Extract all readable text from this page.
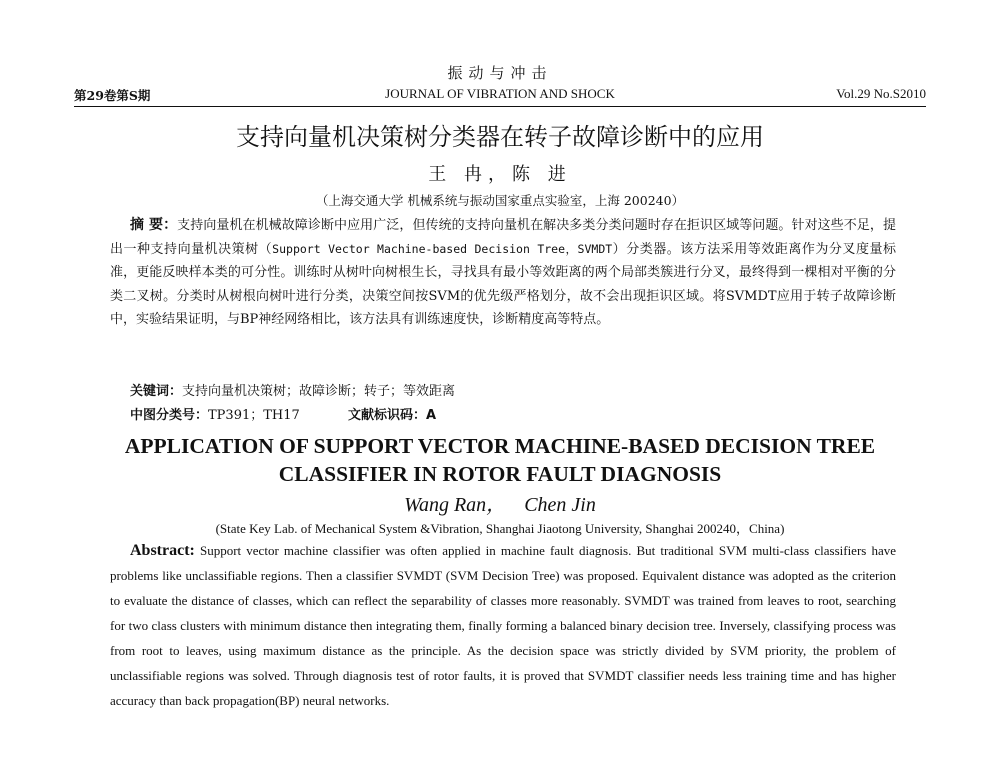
振动与冲击
第29卷第S期	JOURNAL OF VIBRATION AND SHOCK	Vol.29 No.S2010
支持向量机决策树分类器在转子故障诊断中的应用
王 冉，陈 进
（上海交通大学 机械系统与振动国家重点实验室，上海 200240）
摘 要：支持向量机在机械故障诊断中应用广泛，但传统的支持向量机在解决多类分类问题时存在拒识区域等问题。针对这些不足，提出一种支持向量机决策树（Support Vector Machine-based Decision Tree，SVMDT）分类器。该方法采用等效距离作为分叉度量标准，更能反映样本类的可分性。训练时从树叶向树根生长，寻找具有最小等效距离的两个局部类簇进行分叉，最终得到一棵相对平衡的分类二叉树。分类时从树根向树叶进行分类，决策空间按SVM的优先级严格划分，故不会出现拒识区域。将SVMDT应用于转子故障诊断中，实验结果证明，与BP神经网络相比，该方法具有训练速度快，诊断精度高等特点。
关键词：支持向量机决策树；故障诊断；转子；等效距离
中图分类号：TP391；TH17	文献标识码：A
APPLICATION OF SUPPORT VECTOR MACHINE-BASED DECISION TREE
CLASSIFIER IN ROTOR FAULT DIAGNOSIS
Wang Ran， Chen Jin
(State Key Lab. of Mechanical System &Vibration, Shanghai Jiaotong University, Shanghai 200240，China)
Abstract: Support vector machine classifier was often applied in machine fault diagnosis. But traditional SVM multi-class classifiers have problems like unclassifiable regions. Then a classifier SVMDT (SVM Decision Tree) was proposed. Equivalent distance was adopted as the criterion to evaluate the distance of classes, which can reflect the separability of classes more reasonably. SVMDT was trained from leaves to root, searching for two class clusters with minimum distance then integrating them, finally forming a balanced binary decision tree. Inversely, classifying process was from root to leaves, using maximum distance as the principle. As the decision space was strictly divided by SVM priority, the problem of unclassifiable regions was solved. Through diagnosis test of rotor faults, it is proved that SVMDT classifier needs less training time and has higher accuracy than back propagation(BP) neural networks.
